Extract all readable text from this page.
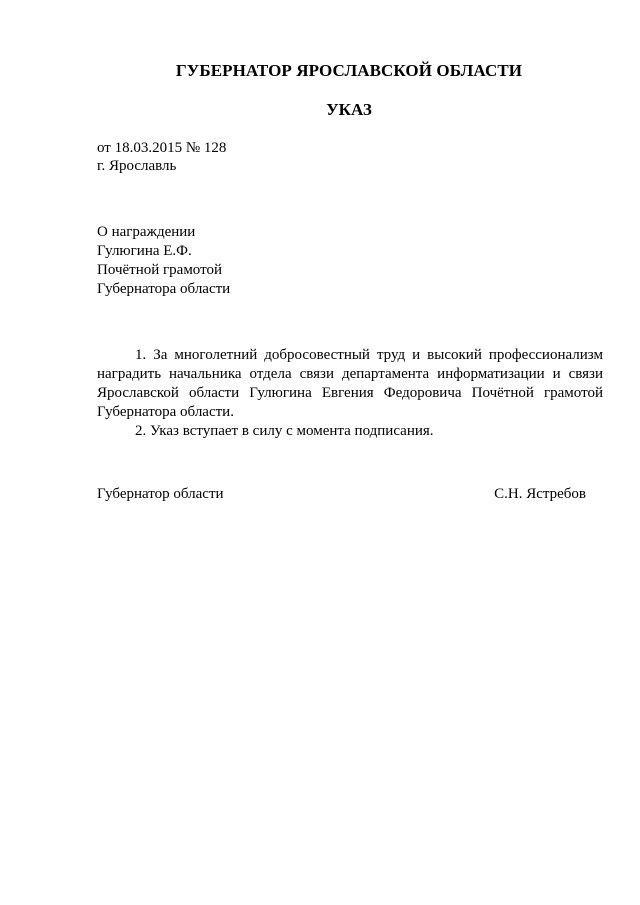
ГУБЕРНАТОР ЯРОСЛАВСКОЙ ОБЛАСТИ
УКАЗ
от 18.03.2015 № 128
г. Ярославль
О награждении
Гулюгина Е.Ф.
Почётной грамотой
Губернатора области

1. За многолетний добросовестный труд и высокий профессионализм наградить начальника отдела связи департамента информатизации и связи Ярославской области Гулюгина Евгения Федоровича Почётной грамотой Губернатора области.

2. Указ вступает в силу с момента подписания.

Губернатор области	С.Н. Ястребов
